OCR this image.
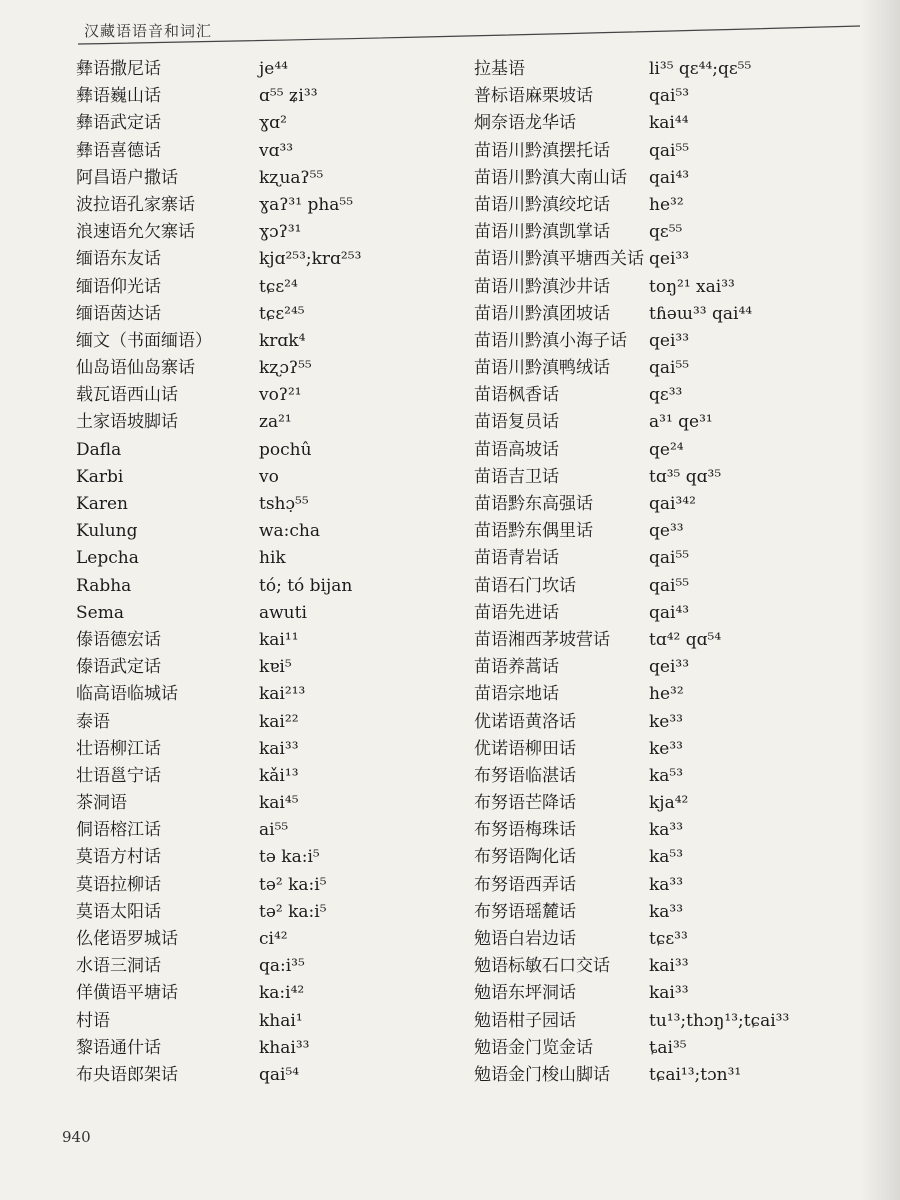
汉藏语语音和词汇
彝语撒尼话	je⁴⁴
彝语巍山话	ɑ⁵⁵ ʑi³³
彝语武定话	ɣɑ²
彝语喜德话	vɑ³³
阿昌语户撒话	kʐuaʔ⁵⁵
波拉语孔家寨话	ɣaʔ³¹ pha⁵⁵
浪速语允欠寨话	ɣɔʔ³¹
缅语东友话	kjɑ²⁵³;krɑ²⁵³
缅语仰光话	tɕɛ²⁴
缅语茵达话	tɕɛ²⁴⁵
缅文（书面缅语）	krɑk⁴
仙岛语仙岛寨话	kʐɔʔ⁵⁵
载瓦语西山话	voʔ²¹
土家语坡脚话	za²¹
Dafla	pochû
Karbi	vo
Karen	tshɔ̣⁵⁵
Kulung	wa:cha
Lepcha	hik
Rabha	tó; tó bijan
Sema	awuti
傣语德宏话	kai¹¹
傣语武定话	kɐi⁵
临高语临城话	kai²¹³
泰语	kai²²
壮语柳江话	kai³³
壮语邕宁话	kǎi¹³
茶洞语	kai⁴⁵
侗语榕江话	ai⁵⁵
莫语方村话	tə ka:i⁵
莫语拉柳话	tə² ka:i⁵
莫语太阳话	tə² ka:i⁵
仫佬语罗城话	ci⁴²
水语三洞话	qa:i³⁵
佯僙语平塘话	ka:i⁴²
村语	khai¹
黎语通什话	khai³³
布央语郎架话	qai⁵⁴
拉基语	li³⁵ qɛ⁴⁴;qɛ⁵⁵
普标语麻栗坡话	qai⁵³
炯奈语龙华话	kai⁴⁴
苗语川黔滇摆托话 qai⁵⁵
苗语川黔滇大南山话 qai⁴³
苗语川黔滇绞坨话 he³²
苗语川黔滇凯掌话 qɛ⁵⁵
苗语川黔滇平塘西关话 qei³³
苗语川黔滇沙井话 toŋ²¹ xai³³
苗语川黔滇团坡话 tɦəɯ³³ qai⁴⁴
苗语川黔滇小海子话 qei³³
苗语川黔滇鸭绒话 qai⁵⁵
苗语枫香话	qɛ³³
苗语复员话	a³¹ qe³¹
苗语高坡话	qe²⁴
苗语吉卫话	tɑ³⁵ qɑ³⁵
苗语黔东高强话	qai³⁴²
苗语黔东偶里话	qe³³
苗语青岩话	qai⁵⁵
苗语石门坎话	qai⁵⁵
苗语先进话	qai⁴³
苗语湘西茅坡营话 tɑ⁴² qɑ⁵⁴
苗语养蒿话	qei³³
苗语宗地话	he³²
优诺语黄洛话	ke³³
优诺语柳田话	ke³³
布努语临湛话	ka⁵³
布努语芒降话	kja⁴²
布努语梅珠话	ka³³
布努语陶化话	ka⁵³
布努语西弄话	ka³³
布努语瑶麓话	ka³³
勉语白岩边话	tɕɛ³³
勉语标敏石口交话 kai³³
勉语东坪洞话	kai³³
勉语柑子园话	tu¹³;thɔŋ¹³;tɕai³³
勉语金门览金话	ȶai³⁵
勉语金门梭山脚话 tɕai¹³;tɔn³¹
940
